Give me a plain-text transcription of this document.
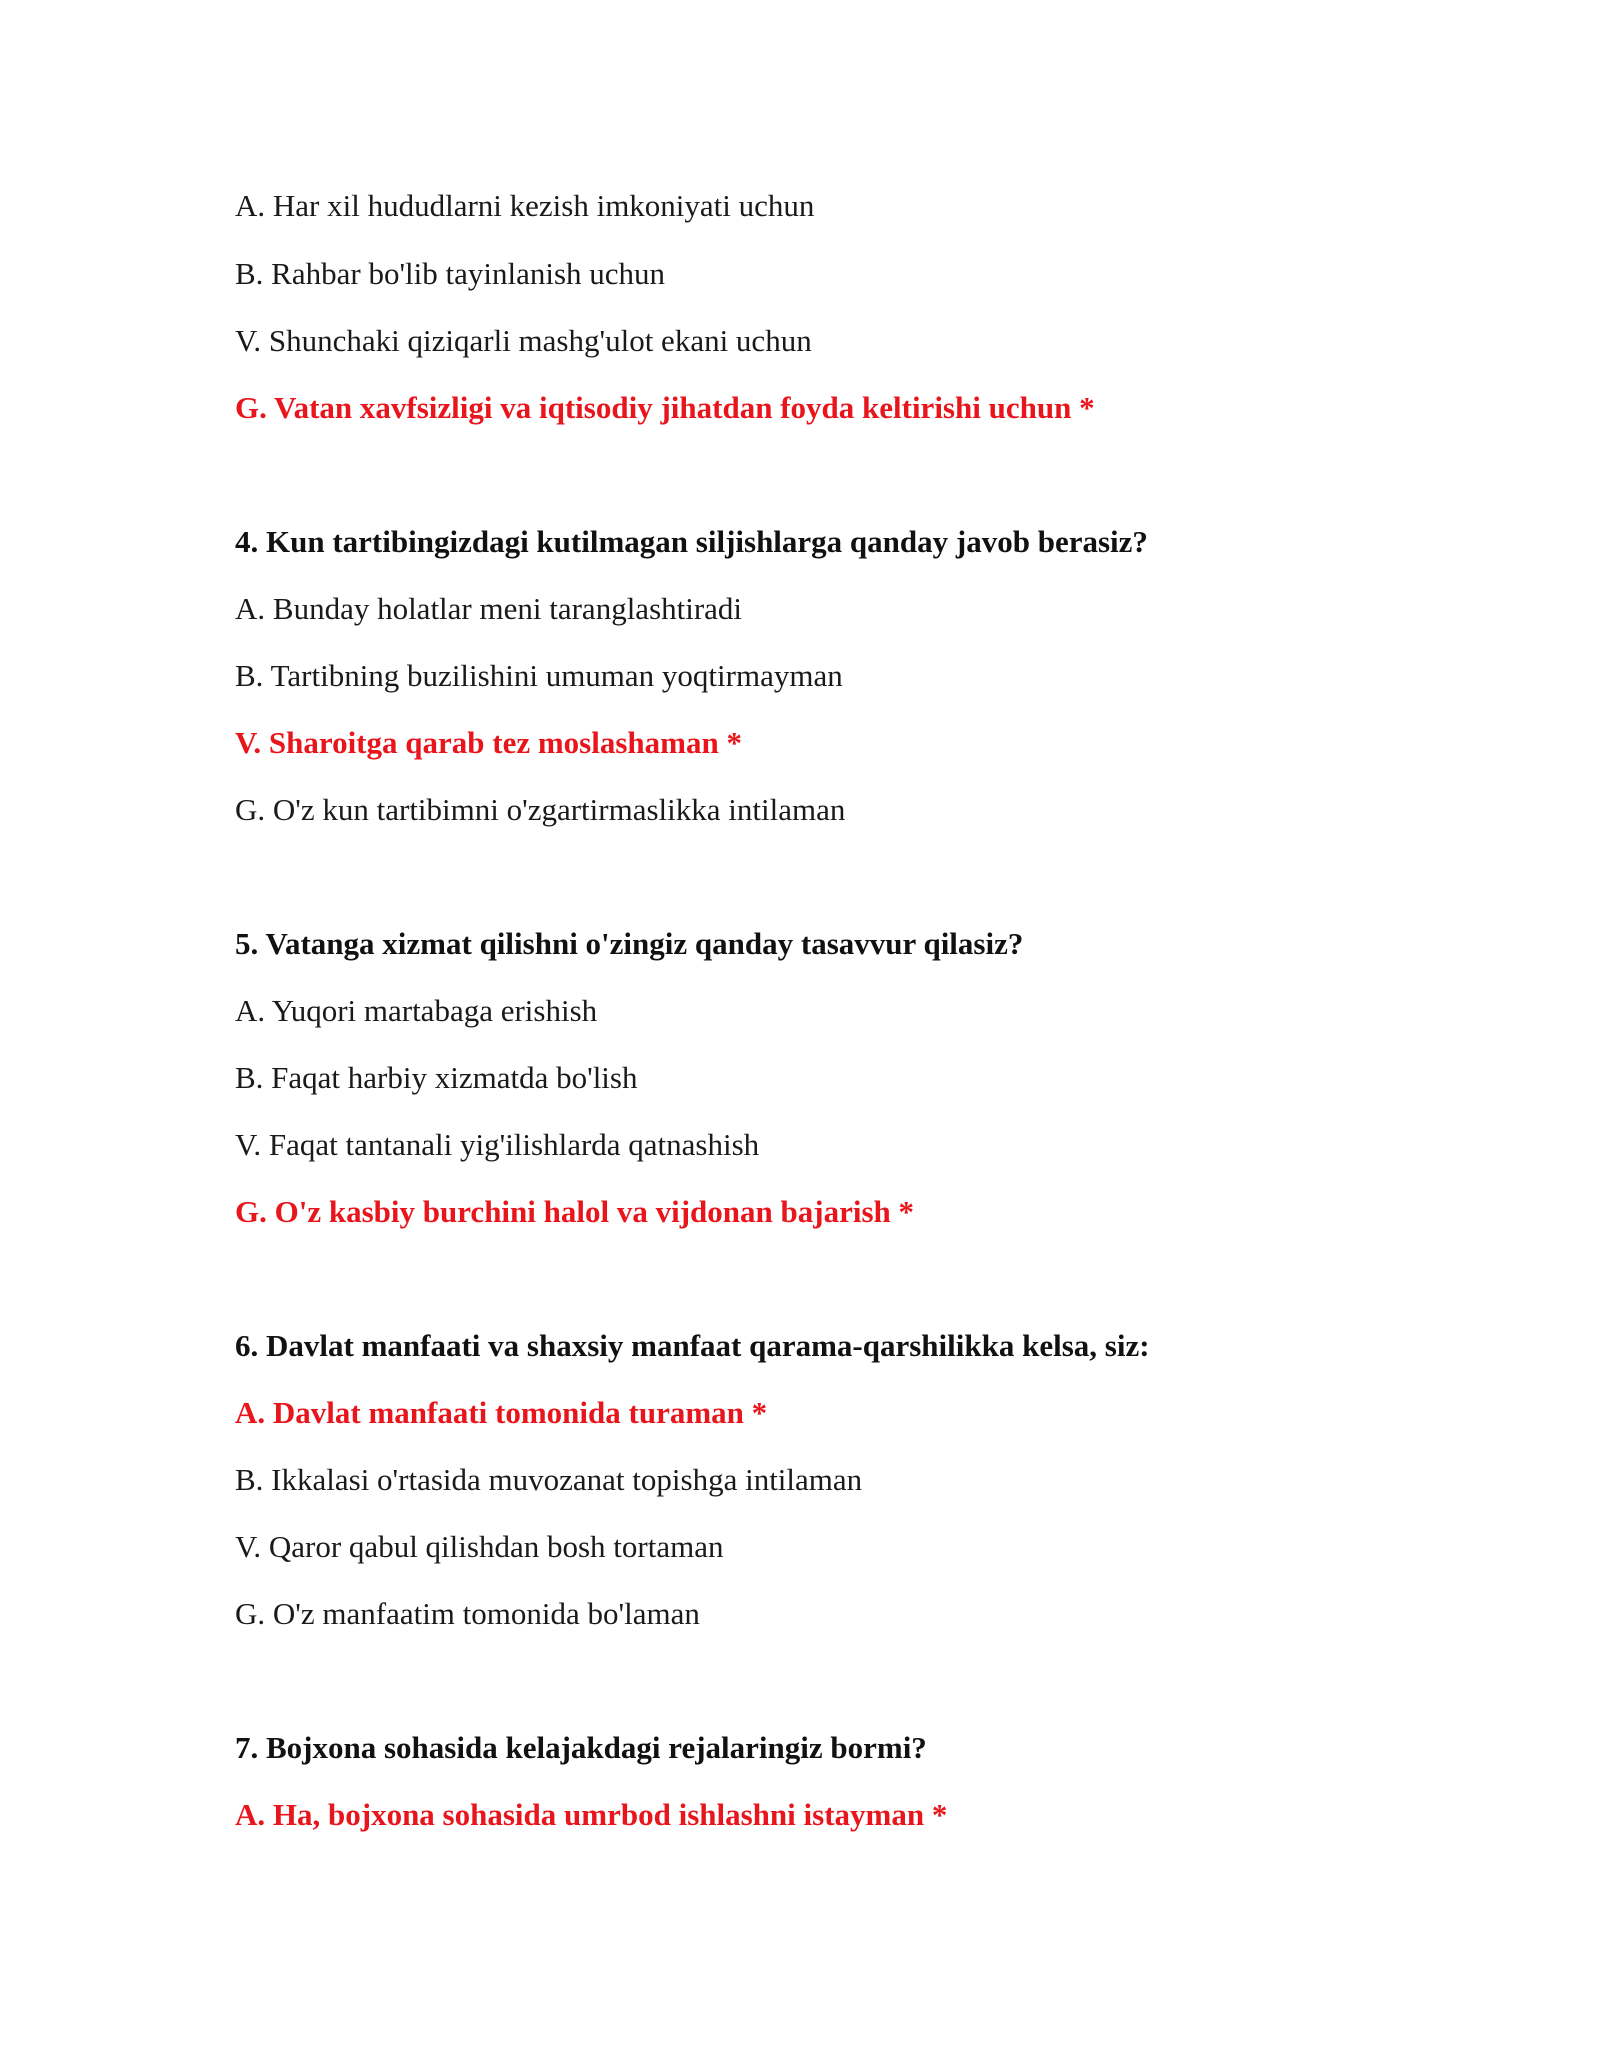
A. Har xil hududlarni kezish imkoniyati uchun
B. Rahbar bo'lib tayinlanish uchun
V. Shunchaki qiziqarli mashg'ulot ekani uchun
G. Vatan xavfsizligi va iqtisodiy jihatdan foyda keltirishi uchun *
4. Kun tartibingizdagi kutilmagan siljishlarga qanday javob berasiz?
A. Bunday holatlar meni taranglashtiradi
B. Tartibning buzilishini umuman yoqtirmayman
V. Sharoitga qarab tez moslashaman *
G. O'z kun tartibimni o'zgartirmaslikka intilaman
5. Vatanga xizmat qilishni o'zingiz qanday tasavvur qilasiz?
A. Yuqori martabaga erishish
B. Faqat harbiy xizmatda bo'lish
V. Faqat tantanali yig'ilishlarda qatnashish
G. O'z kasbiy burchini halol va vijdonan bajarish *
6. Davlat manfaati va shaxsiy manfaat qarama-qarshilikka kelsa, siz:
A. Davlat manfaati tomonida turaman *
B. Ikkalasi o'rtasida muvozanat topishga intilaman
V. Qaror qabul qilishdan bosh tortaman
G. O'z manfaatim tomonida bo'laman
7. Bojxona sohasida kelajakdagi rejalaringiz bormi?
A. Ha, bojxona sohasida umrbod ishlashni istayman *
